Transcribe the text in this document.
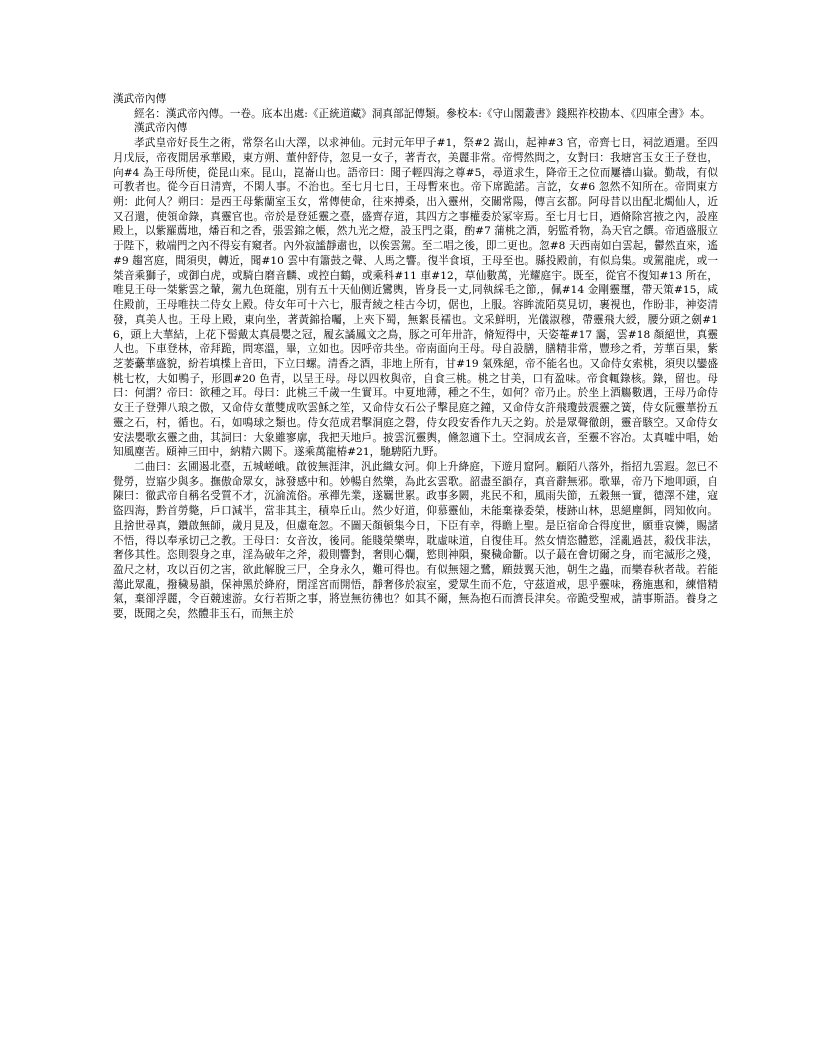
漢武帝內傳

經名：漢武帝內傳。一卷。底本出處:《正統道藏》洞真部記傳類。參校本:《守山閣叢書》錢熙祚校勘本、《四庫全書》本。

漢武帝內傳

孝武皇帝好長生之術，常祭名山大澤，以求神仙。元封元年甲子#1，祭#2 嵩山，起神#3 官，帝齊七日，祠訖迺還。至四月戊辰，帝夜閒居承華殿，東方朔、董仲舒侍，忽見一女子，著青衣，美麗非常。帝愕然問之，女對曰：我塘宮玉女王子登也，向#4 為王母所使，從昆山來。昆山，崑崙山也。語帝曰：聞子輕四海之尊#5，尋道求生，降帝王之位而屢禱山嶽。勤哉，有似可教者也。從今百日清齊，不閑人事。不治也。至七月七日，王母暫來也。帝下席跪諾。言訖，女#6 忽然不知所在。帝問東方朔：此何人？朔曰：是西王母紫蘭室玉女，常傳使命，往來搏桑，出入靈州，交關常陽，傳言玄都。阿母昔以出配北燭仙人，近又召還，使領命錄，真靈官也。帝於是登延靈之臺，盛齊存道，其四方之事權委於冢宰焉。至七月七日，迺脩除宮掖之內，設座殿上，以紫羅薦地，燔百和之香，張雲錦之帳，然九光之燈，設玉門之棗，酌#7 蒲桃之酒，躬監肴物，為天官之饌。帝迺盛服立于陛下，敕端門之內不得妄有窺者。內外寂謐靜肅也，以俟雲駕。至二唱之後，即二更也。忽#8 天西南如白雲起，鬱然直來，遙#9 趨宮庭，間須臾，轉近，聞#10 雲中有簫鼓之聲、人馬之響。復半食頃，王母至也。縣投殿前，有似烏集。或駕龍虎，或一桀音乘獅子，或御白虎，或騎白磨音麟、或控白鶴，或乘科#11 車#12，草仙數萬，光耀庭宇。既至，從官不復知#13 所在，唯見王母一桀紫雲之輦，駕九色斑龍，別有五十天仙侧近鸞輿，皆身長一丈,同執綵毛之節,，佩#14 金剛靈璽，帶天策#15，咸住殿前，王母唯扶二侍女上殿。侍女年可十六七，服青綾之桂古今切，倨也，上服。容眸流陌莫見切，裹視也，作盼非，神姿清發，真美人也。王母上殿，東向坐，著黃錦拾囑，上夾下蜀，無絮長襦也。文采鮮明，光儀淑穆，帶靈飛大綬，腰分頭之劍#16，頭上大華結，上花下髻戴太真晨嬰之冠，履玄譎鳳文之鳥，豚之可年卅許，脩短得中，天姿菴#17 靄，雲#18 顏絕世，真靈人也。下車登林，帝拜跪，問寒溫，畢，立如也。因呼帝共坐。帝南面向王母。母自設膳，膳精非常，豐珍之肴，芳華百果，紫芝萎虆華盛貌，紛若填楪上音田，下立曰螺。清香之酒，非地上所有，甘#19 氣殊絕，帝不能名也。又命侍女索桃，須臾以鑾盛桃七枚，大如鴨子，形圓#20 色青，以呈王母。母以四枚與帝，自食三桃。桃之甘美，口有盈味。帝食輒錄核。錄，留也。母曰：何謂？帝曰：欲種之耳。母曰：此桃三千歲一生實耳。中夏地薄，種之不生，如何？帝乃止。於坐上酒觴數遇，王母乃命侍女王子登彈八琅之傲，又命侍女董雙成吹雲穌之笙，又命侍女石公子擊昆庭之鐘，又命侍女許飛瓊鼓震靈之簧，侍女阮靈華扮五靈之石，村，循也。石，如鳴球之類也。侍女范成君擊洞庭之磬，侍女段安香作九天之鈞。於是眾聲徹朗，靈音駭空。又命侍女安法嬰歌玄靈之曲，其詞曰：大象雖寥廓，我把天地戶。披雲沉靈輿，儵忽適下土。空洞成玄音，至靈不容冶。太真噓中唱，始知風塵苦。頤神三田中，納精六闕下。遂乘萬龍椿#21，馳騁陌九野。

二曲曰：玄圃遏北臺，五城嵯峨。啟彼無涯津，汎此織女河。仰上升絳庭，下遊月窟阿。顧陌八落外，指招九雲遐。忽已不覺勞，豈寤少與多。撫傲命眾女，詠發感中和。妙暢自然樂，為此玄雲歌。韶盡至韻存，真音辭無邪。歌畢，帝乃下地叩頭，自陳曰：徹武帝自稱名受質不才，沉淪流俗。承禪先業，遂羈世累。政事多闕，兆民不和，風雨失節，五穀無一實，德澤不建，寇盜四海，黔首勞斃，戶口減半，當非其主，積皋丘山。然少好道，仰慕靈仙，未能棄祿委榮，棲跡山林，思絕塵餌，罔知攸向。且捨世尋真，鑽啟無師，歲月見及，但慮奄忽。不圖天顏頓集今日，下臣有幸，得瞻上聖。是臣宿命合得度世，願垂哀憐，賜諸不悟，得以奉承切己之教。王母曰：女音汝，後同。能賤榮樂卑，耽虛味道，自復佳耳。然女情恣體慾，淫亂過甚，殺伐非法，奢侈其性。恣則裂身之車，淫為破年之斧，殺則響對，奢則心爛，慾則神隕，聚穢命斷。以子蕞在會切爾之身，而宅滅形之殘，盈尺之材，攻以百仞之害，欲此解脫三尸，全身永久，難可得也。有似無翅之鷺，願鼓翼天池，朝生之蟲，而樂春秋者哉。若能蕩此眾亂，撥穢易韻，保神黑於絳府，閉淫宮而開悟，靜奢侈於寂室，愛眾生而不危，守茲道戒，思乎靈味，務施惠和，練惜精氣，棄卻浮麗，令百競速游。女行若斯之事，將豈無彷彿也？如其不爾，無為抱石而濟長津矣。帝跪受聖戒，請事斯語。養身之要，既聞之矣，然體非玉石，而無主於
